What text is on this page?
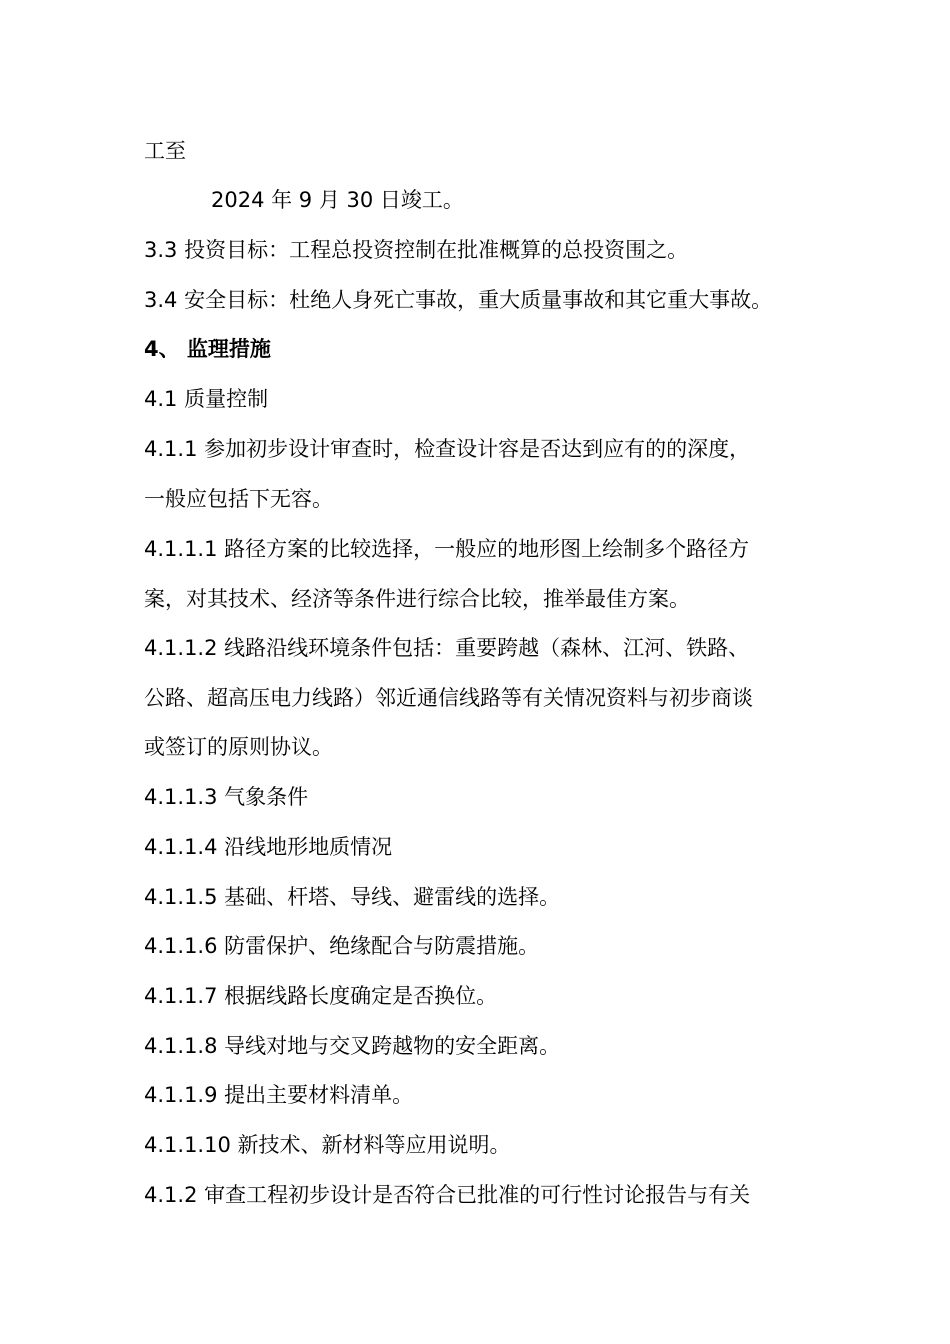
工至
2024 年 9 月 30 日竣工。
3.3 投资目标：工程总投资控制在批准概算的总投资围之。
3.4 安全目标：杜绝人身死亡事故，重大质量事故和其它重大事故。
4、 监理措施
4.1 质量控制
4.1.1 参加初步设计审查时，检查设计容是否达到应有的的深度，
一般应包括下无容。
4.1.1.1 路径方案的比较选择，一般应的地形图上绘制多个路径方
案，对其技术、经济等条件进行综合比较，推举最佳方案。
4.1.1.2 线路沿线环境条件包括：重要跨越（森林、江河、铁路、
公路、超高压电力线路）邻近通信线路等有关情况资料与初步商谈
或签订的原则协议。
4.1.1.3 气象条件
4.1.1.4 沿线地形地质情况
4.1.1.5 基础、杆塔、导线、避雷线的选择。
4.1.1.6 防雷保护、绝缘配合与防震措施。
4.1.1.7 根据线路长度确定是否换位。
4.1.1.8 导线对地与交叉跨越物的安全距离。
4.1.1.9 提出主要材料清单。
4.1.1.10 新技术、新材料等应用说明。
4.1.2 审查工程初步设计是否符合已批准的可行性讨论报告与有关
